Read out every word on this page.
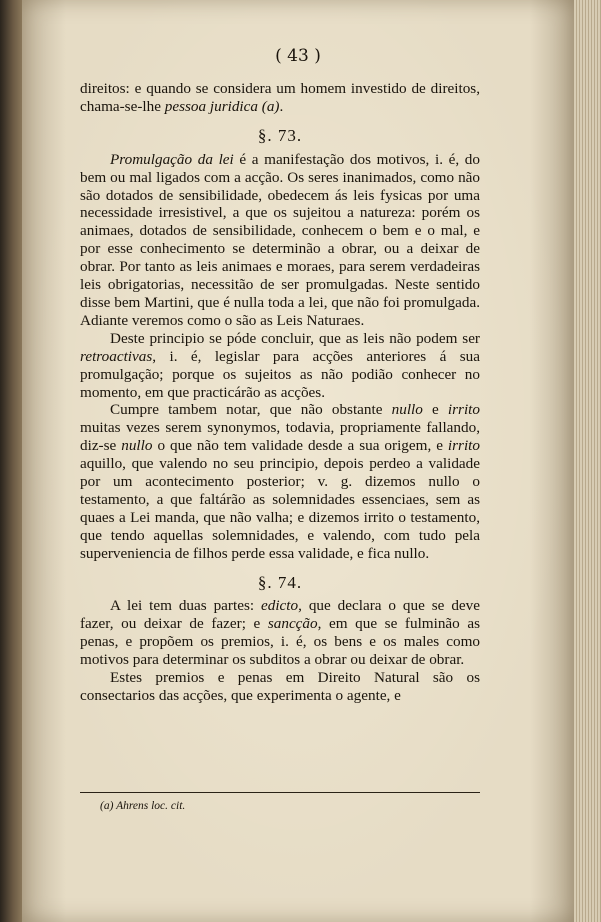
( 43 )

direitos: e quando se considera um homem investido de direitos, chama-se-lhe pessoa juridica (a).

§. 73.

Promulgação da lei é a manifestação dos motivos, i. é, do bem ou mal ligados com a acção. Os seres inanimados, como não são dotados de sensibilidade, obedecem ás leis fysicas por uma necessidade irresistivel, a que os sujeitou a natureza: porém os animaes, dotados de sensibilidade, conhecem o bem e o mal, e por esse conhecimento se determinão a obrar, ou a deixar de obrar. Por tanto as leis animaes e moraes, para serem verdadeiras leis obrigatorias, necessitão de ser promulgadas. Neste sentido disse bem Martini, que é nulla toda a lei, que não foi promulgada. Adiante veremos como o são as Leis Naturaes.

Deste principio se póde concluir, que as leis não podem ser retroactivas, i. é, legislar para acções anteriores á sua promulgação; porque os sujeitos as não podião conhecer no momento, em que practicárão as acções.

Cumpre tambem notar, que não obstante nullo e irrito muitas vezes serem synonymos, todavia, propriamente fallando, diz-se nullo o que não tem validade desde a sua origem, e irrito aquillo, que valendo no seu principio, depois perdeo a validade por um acontecimento posterior; v. g. dizemos nullo o testamento, a que faltárão as solemnidades essenciaes, sem as quaes a Lei manda, que não valha; e dizemos irrito o testamento, que tendo aquellas solemnidades, e valendo, com tudo pela superveniencia de filhos perde essa validade, e fica nullo.

§. 74.

A lei tem duas partes: edicto, que declara o que se deve fazer, ou deixar de fazer; e sancção, em que se fulminão as penas, e propõem os premios, i. é, os bens e os males como motivos para determinar os subditos a obrar ou deixar de obrar.

Estes premios e penas em Direito Natural são os consectarios das acções, que experimenta o agente, e

(a) Ahrens loc. cit.
